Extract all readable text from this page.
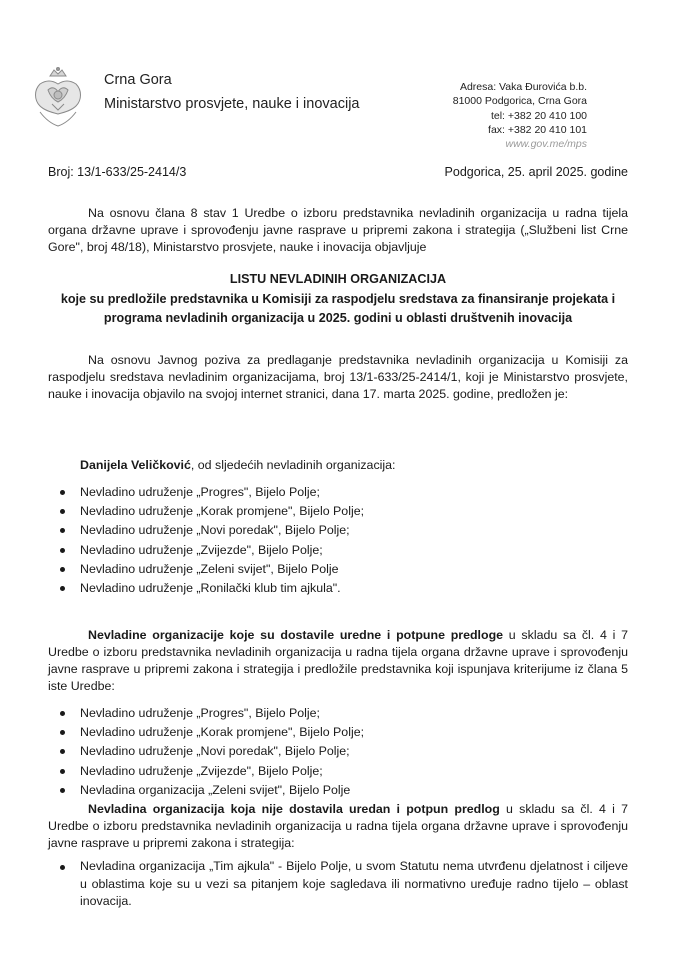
Crna Gora
Ministarstvo prosvjete, nauke i inovacija
Adresa: Vaka Đurovića b.b.
81000 Podgorica, Crna Gora
tel: +382 20 410 100
fax: +382 20 410 101
www.gov.me/mps
Broj: 13/1-633/25-2414/3	Podgorica, 25. april 2025. godine
Na osnovu člana 8 stav 1 Uredbe o izboru predstavnika nevladinih organizacija u radna tijela organa državne uprave i sprovođenju javne rasprave u pripremi zakona i strategija („Službeni list Crne Gore", broj 48/18), Ministarstvo prosvjete, nauke i inovacija objavljuje
LISTU NEVLADINIH ORGANIZACIJA
koje su predložile predstavnika u Komisiji za raspodjelu sredstava za finansiranje projekata i programa nevladinih organizacija u 2025. godini u oblasti društvenih inovacija
Na osnovu Javnog poziva za predlaganje predstavnika nevladinih organizacija u Komisiji za raspodjelu sredstava nevladinim organizacijama, broj 13/1-633/25-2414/1, koji je Ministarstvo prosvjete, nauke i inovacija objavilo na svojoj internet stranici, dana 17. marta 2025. godine, predložen je:
Danijela Veličković, od sljedećih nevladinih organizacija:
Nevladino udruženje „Progres", Bijelo Polje;
Nevladino udruženje „Korak promjene", Bijelo Polje;
Nevladino udruženje „Novi poredak", Bijelo Polje;
Nevladino udruženje „Zvijezde", Bijelo Polje;
Nevladino udruženje „Zeleni svijet", Bijelo Polje
Nevladino udruženje „Ronilački klub tim ajkula".
Nevladine organizacije koje su dostavile uredne i potpune predloge u skladu sa čl. 4 i 7 Uredbe o izboru predstavnika nevladinih organizacija u radna tijela organa državne uprave i sprovođenju javne rasprave u pripremi zakona i strategija i predložile predstavnika koji ispunjava kriterijume iz člana 5 iste Uredbe:
Nevladino udruženje „Progres", Bijelo Polje;
Nevladino udruženje „Korak promjene", Bijelo Polje;
Nevladino udruženje „Novi poredak", Bijelo Polje;
Nevladino udruženje „Zvijezde", Bijelo Polje;
Nevladina organizacija „Zeleni svijet", Bijelo Polje
Nevladina organizacija koja nije dostavila uredan i potpun predlog u skladu sa čl. 4 i 7 Uredbe o izboru predstavnika nevladinih organizacija u radna tijela organa državne uprave i sprovođenju javne rasprave u pripremi zakona i strategija:
Nevladina organizacija „Tim ajkula" - Bijelo Polje, u svom Statutu nema utvrđenu djelatnost i ciljeve u oblastima koje su u vezi sa pitanjem koje sagledava ili normativno uređuje radno tijelo – oblast inovacija.
